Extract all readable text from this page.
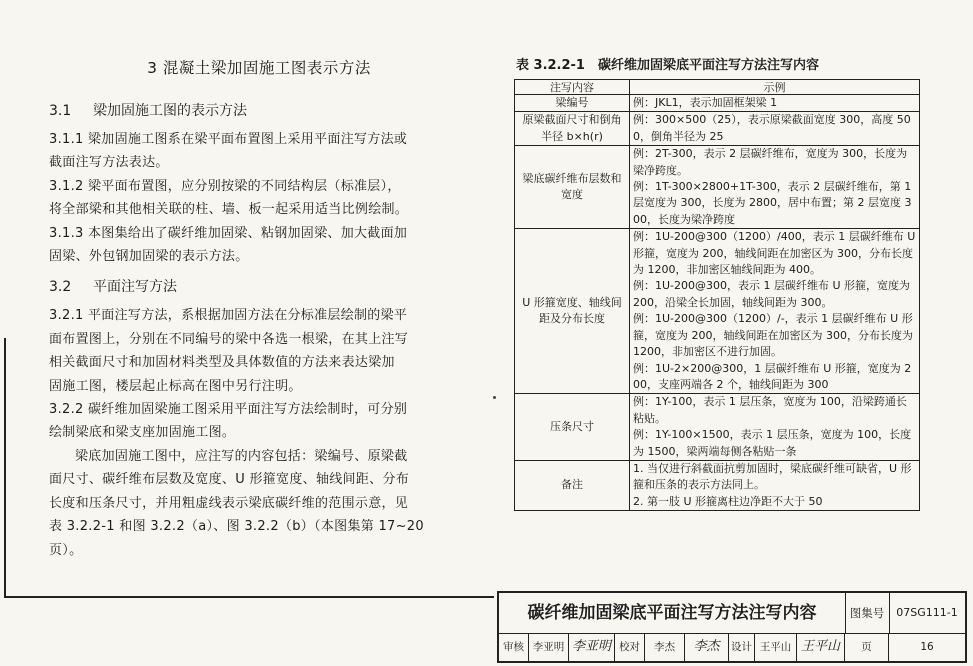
3 混凝土梁加固施工图表示方法
3.1 梁加固施工图的表示方法

3.1.1 梁加固施工图系在梁平面布置图上采用平面注写方法或
截面注写方法表达。

3.1.2 梁平面布置图，应分别按梁的不同结构层（标准层），
将全部梁和其他相关联的柱、墙、板一起采用适当比例绘制。

3.1.3 本图集给出了碳纤维加固梁、粘钢加固梁、加大截面加
固梁、外包钢加固梁的表示方法。

3.2 平面注写方法

3.2.1 平面注写方法，系根据加固方法在分标准层绘制的梁平
面布置图上，分别在不同编号的梁中各选一根梁，在其上注写
相关截面尺寸和加固材料类型及具体数值的方法来表达梁加
固施工图，楼层起止标高在图中另行注明。

3.2.2 碳纤维加固梁施工图采用平面注写方法绘制时，可分别
绘制梁底和梁支座加固施工图。

梁底加固施工图中，应注写的内容包括：梁编号、原梁截
面尺寸、碳纤维布层数及宽度、U 形箍宽度、轴线间距、分布
长度和压条尺寸，并用粗虚线表示梁底碳纤维的范围示意，见
表 3.2.2-1 和图 3.2.2（a）、图 3.2.2（b）（本图集第 17~20
页）。

表 3.2.2-1　碳纤维加固梁底平面注写方法注写内容
注写内容	示例
梁编号	例：JKL1，表示加固框架梁 1

原梁截面尺寸和倒角半径 b×h(r)	例：300×500（25），表示原梁截面宽度 300，高度 500，倒角半径为 25

梁底碳纤维布层数和宽度	例：2T-300，表示 2 层碳纤维布，宽度为 300，长度为梁净跨度。
例：1T-300×2800+1T-300，表示 2 层碳纤维布，第 1 层宽度为 300，长度为 2800，居中布置；第 2 层宽度 300，长度为梁净跨度

U 形箍宽度、轴线间距及分布长度	例：1U-200@300（1200）/400，表示 1 层碳纤维布 U 形箍，宽度为 200，轴线间距在加密区为 300，分布长度为 1200，非加密区轴线间距为 400。
例：1U-200@300，表示 1 层碳纤维布 U 形箍，宽度为 200，沿梁全长加固，轴线间距为 300。
例：1U-200@300（1200）/-，表示 1 层碳纤维布 U 形箍，宽度为 200，轴线间距在加密区为 300，分布长度为 1200，非加密区不进行加固。
例：1U-2×200@300，1 层碳纤维布 U 形箍，宽度为 200，支座两端各 2 个，轴线间距为 300

压条尺寸	例：1Y-100，表示 1 层压条，宽度为 100，沿梁跨通长粘贴。
例：1Y-100×1500，表示 1 层压条，宽度为 100，长度为 1500，梁两端每侧各粘贴一条

备注	1. 当仅进行斜截面抗剪加固时，梁底碳纤维可缺省，U 形箍和压条的表示方法同上。
2. 第一肢 U 形箍离柱边净距不大于 50
碳纤维加固梁底平面注写方法注写内容	图集号	07SG111-1
审核 李亚明 李亚明 校对	李杰	李杰	设计 王平山 王平山	页	16
